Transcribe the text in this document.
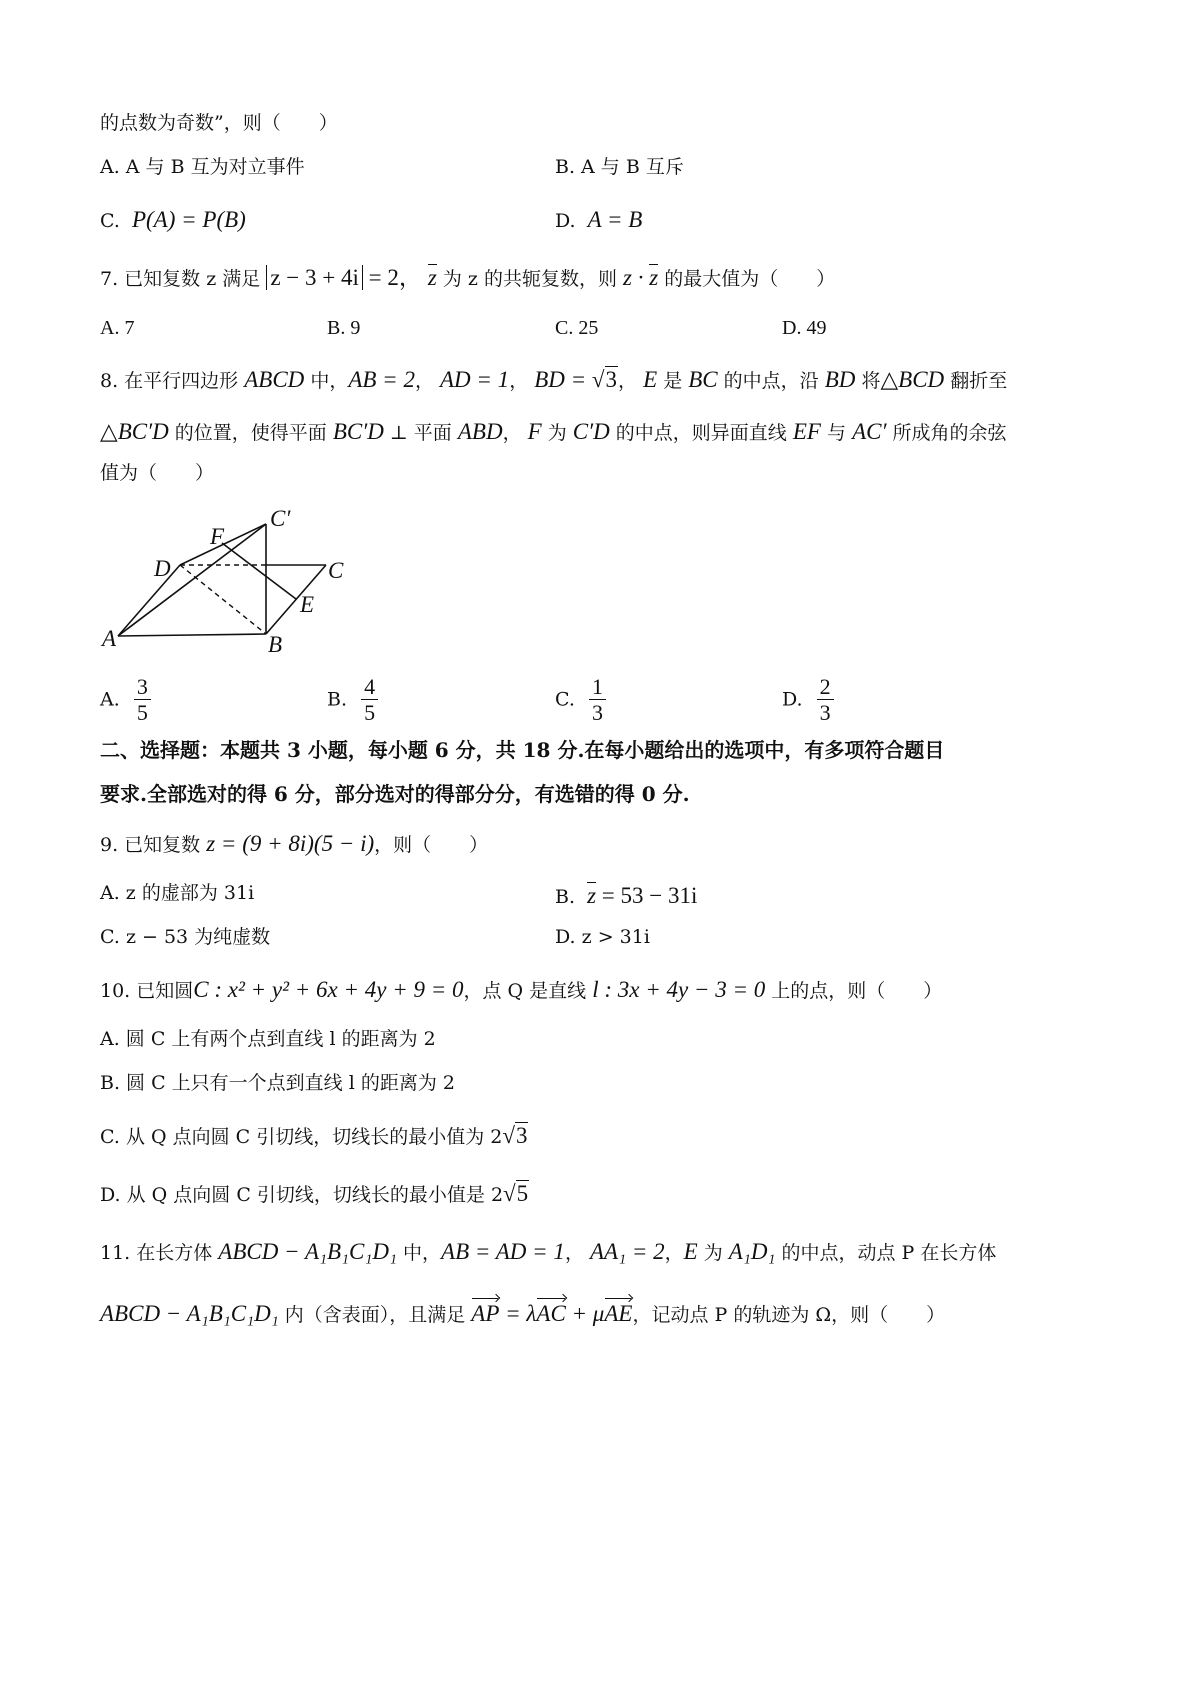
的点数为奇数”，则（　　）
A. A 与 B 互为对立事件	B. A 与 B 互斥
C. P(A) = P(B)	D. A = B
7. 已知复数 z 满足 z − 3 + 4i = 2， z 为 z 的共轭复数，则 z · z 的最大值为（　　）
A. 7	B. 9	C. 25	D. 49
8. 在平行四边形 ABCD 中，AB = 2， AD = 1， BD = √3， E 是 BC 的中点，沿 BD 将△BCD 翻折至
△BC′D 的位置，使得平面 BC′D ⊥ 平面 ABD， F 为 C′D 的中点，则异面直线 EF 与 AC′ 所成角的余弦
值为（　　）
C′
F
D	C
E
A	B
A. $\frac{3}{5}$	B. $\frac{4}{5}$	C. $\frac{1}{3}$	D. $\frac{2}{3}$
二、选择题：本题共 3 小题，每小题 6 分，共 18 分.在每小题给出的选项中，有多项符合题目
要求.全部选对的得 6 分，部分选对的得部分分，有选错的得 0 分.
9. 已知复数 z = (9 + 8i)(5 − i)，则（　　）
A. z 的虚部为 31i	B. z = 53 − 31i
C. z − 53 为纯虚数	D. z > 31i
10. 已知圆C : x² + y² + 6x + 4y + 9 = 0，点 Q 是直线 l : 3x + 4y − 3 = 0 上的点，则（　　）
A. 圆 C 上有两个点到直线 l 的距离为 2
B. 圆 C 上只有一个点到直线 l 的距离为 2
C. 从 Q 点向圆 C 引切线，切线长的最小值为 2√3
D. 从 Q 点向圆 C 引切线，切线长的最小值是 2√5
11. 在长方体 ABCD − A₁B₁C₁D₁ 中，AB = AD = 1， AA₁ = 2，E 为 A₁D₁ 的中点，动点 P 在长方体
ABCD − A₁B₁C₁D₁ 内（含表面），且满足 AP = λAC + μAE，记动点 P 的轨迹为 Ω，则（　　）
